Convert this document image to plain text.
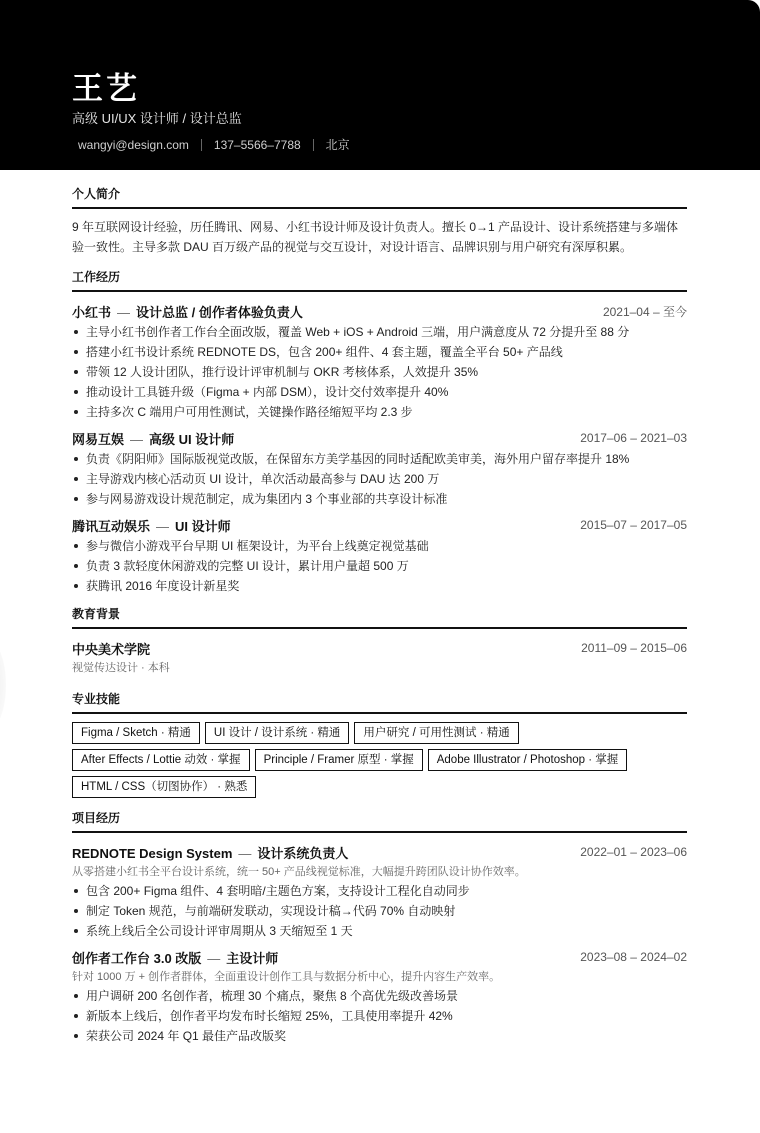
王艺
高级 UI/UX 设计师 / 设计总监
wangyi@design.com	137–5566–7788	北京
个人简介
9 年互联网设计经验，历任腾讯、网易、小红书设计师及设计负责人。擅长 0→1 产品设计、设计系统搭建与多端体验一致性。主导多款 DAU 百万级产品的视觉与交互设计，对设计语言、品牌识别与用户研究有深厚积累。
工作经历
小红书 — 设计总监 / 创作者体验负责人	2021–04 – 至今
主导小红书创作者工作台全面改版，覆盖 Web + iOS + Android 三端，用户满意度从 72 分提升至 88 分
搭建小红书设计系统 REDNOTE DS，包含 200+ 组件、4 套主题，覆盖全平台 50+ 产品线
带领 12 人设计团队，推行设计评审机制与 OKR 考核体系，人效提升 35%
推动设计工具链升级（Figma + 内部 DSM），设计交付效率提升 40%
主持多次 C 端用户可用性测试，关键操作路径缩短平均 2.3 步
网易互娱 — 高级 UI 设计师	2017–06 – 2021–03
负责《阴阳师》国际版视觉改版，在保留东方美学基因的同时适配欧美审美，海外用户留存率提升 18%
主导游戏内核心活动页 UI 设计，单次活动最高参与 DAU 达 200 万
参与网易游戏设计规范制定，成为集团内 3 个事业部的共享设计标准
腾讯互动娱乐 — UI 设计师	2015–07 – 2017–05
参与微信小游戏平台早期 UI 框架设计，为平台上线奠定视觉基础
负责 3 款轻度休闲游戏的完整 UI 设计，累计用户量超 500 万
获腾讯 2016 年度设计新星奖
教育背景
中央美术学院	2011–09 – 2015–06
视觉传达设计 · 本科
专业技能
Figma / Sketch · 精通	UI 设计 / 设计系统 · 精通	用户研究 / 可用性测试 · 精通
After Effects / Lottie 动效 · 掌握	Principle / Framer 原型 · 掌握	Adobe Illustrator / Photoshop · 掌握
HTML / CSS（切图协作） · 熟悉
项目经历
REDNOTE Design System — 设计系统负责人	2022–01 – 2023–06
从零搭建小红书全平台设计系统，统一 50+ 产品线视觉标准，大幅提升跨团队设计协作效率。
包含 200+ Figma 组件、4 套明暗/主题色方案，支持设计工程化自动同步
制定 Token 规范，与前端研发联动，实现设计稿→代码 70% 自动映射
系统上线后全公司设计评审周期从 3 天缩短至 1 天
创作者工作台 3.0 改版 — 主设计师	2023–08 – 2024–02
针对 1000 万 + 创作者群体，全面重设计创作工具与数据分析中心，提升内容生产效率。
用户调研 200 名创作者，梳理 30 个痛点，聚焦 8 个高优先级改善场景
新版本上线后，创作者平均发布时长缩短 25%，工具使用率提升 42%
荣获公司 2024 年 Q1 最佳产品改版奖
